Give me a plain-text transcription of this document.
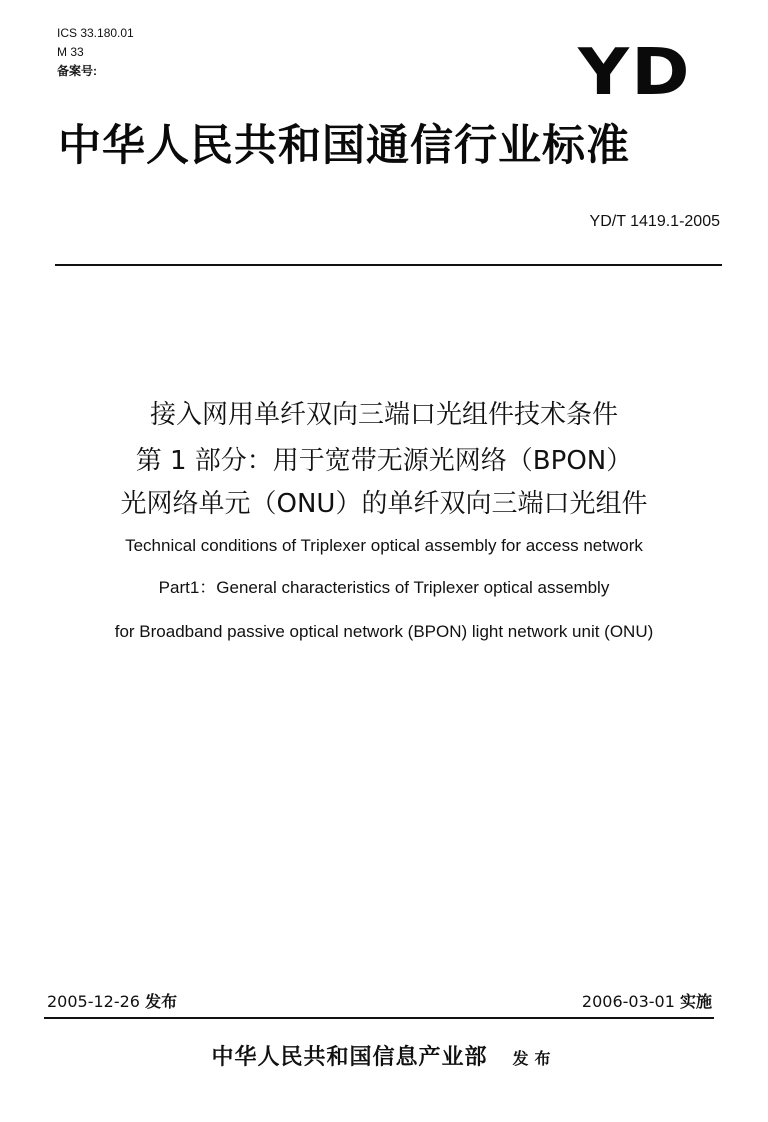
ICS 33.180.01
M 33
备案号:	YD
中华人民共和国通信行业标准
YD/T 1419.1-2005
接入网用单纤双向三端口光组件技术条件
第 1 部分：用于宽带无源光网络（BPON）
光网络单元（ONU）的单纤双向三端口光组件
Technical conditions of Triplexer optical assembly for access network
Part1：General characteristics of Triplexer optical assembly
for Broadband passive optical network (BPON) light network unit (ONU)
2005-12-26 发布	2006-03-01 实施
中华人民共和国信息产业部 发布
